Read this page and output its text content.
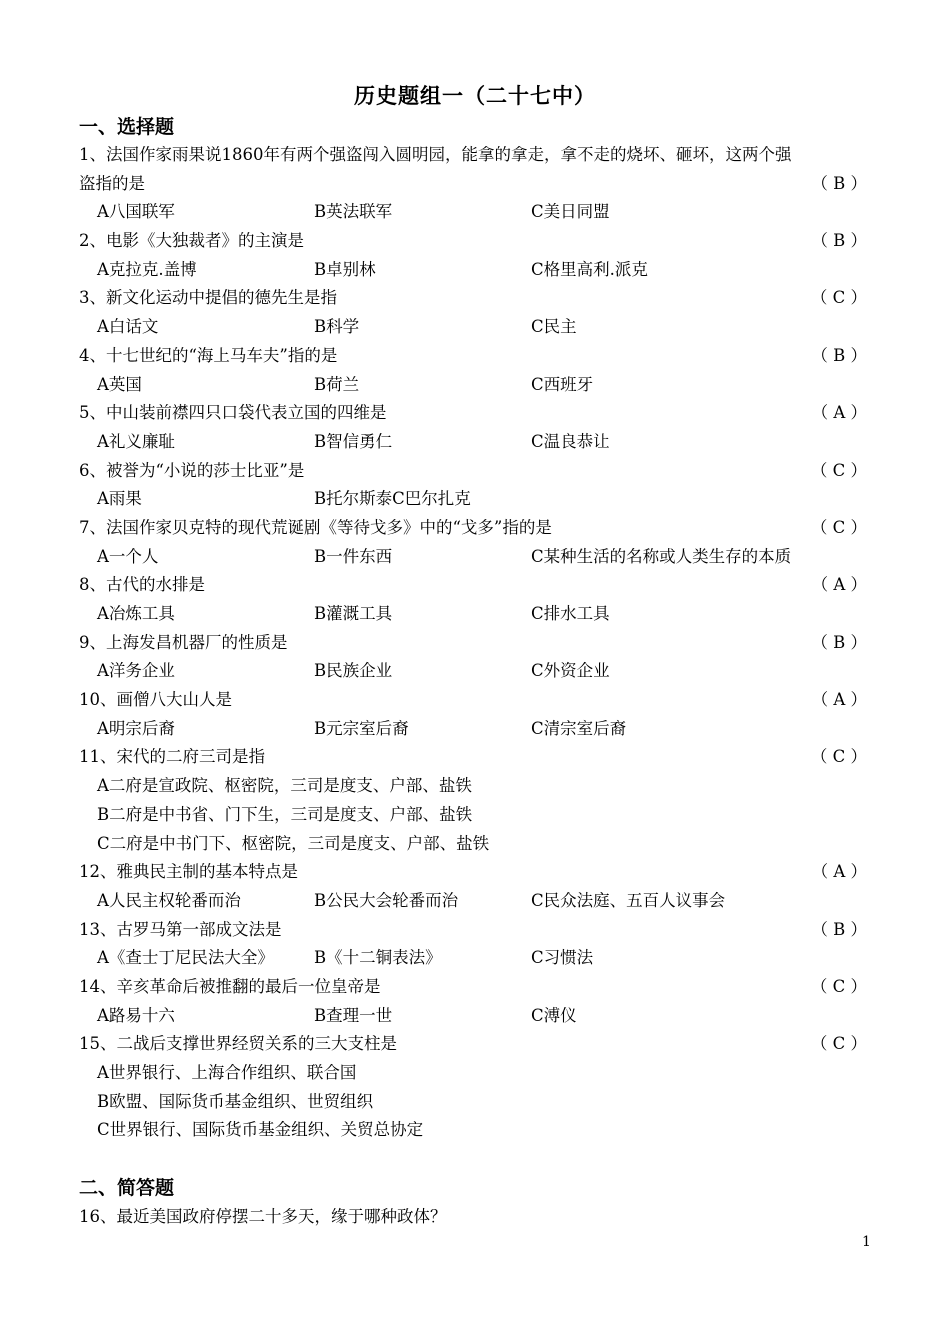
历史题组一（二十七中）
一、选择题
1、法国作家雨果说1860年有两个强盗闯入圆明园，能拿的拿走，拿不走的烧坏、砸坏，这两个强
盗指的是	（ B ）
A八国联军	B英法联军	C美日同盟
2、电影《大独裁者》的主演是	（ B ）
A克拉克.盖博	B卓别林	C格里高利.派克
3、新文化运动中提倡的德先生是指	（ C ）
A白话文	B科学	C民主
4、十七世纪的“海上马车夫”指的是	（ B ）
A英国	B荷兰	C西班牙
5、中山装前襟四只口袋代表立国的四维是	（ A ）
A礼义廉耻	B智信勇仁	C温良恭让
6、被誉为“小说的莎士比亚”是	（ C ）
A雨果	B托尔斯泰C巴尔扎克
7、法国作家贝克特的现代荒诞剧《等待戈多》中的“戈多”指的是	（ C ）
A一个人	B一件东西	C某种生活的名称或人类生存的本质
8、古代的水排是	（ A ）
A冶炼工具	B灌溉工具	C排水工具
9、上海发昌机器厂的性质是	（ B ）
A洋务企业	B民族企业	C外资企业
10、画僧八大山人是	（ A ）
A明宗后裔	B元宗室后裔	C清宗室后裔
11、宋代的二府三司是指	（ C ）
A二府是宣政院、枢密院，三司是度支、户部、盐铁
B二府是中书省、门下生，三司是度支、户部、盐铁
C二府是中书门下、枢密院，三司是度支、户部、盐铁
12、雅典民主制的基本特点是	（ A ）
A人民主权轮番而治	B公民大会轮番而治	C民众法庭、五百人议事会
13、古罗马第一部成文法是	（ B ）
A《查士丁尼民法大全》 B《十二铜表法》	C习惯法
14、辛亥革命后被推翻的最后一位皇帝是	（ C ）
A路易十六	B查理一世	C溥仪
15、二战后支撑世界经贸关系的三大支柱是	（ C ）
A世界银行、上海合作组织、联合国
B欧盟、国际货币基金组织、世贸组织
C世界银行、国际货币基金组织、关贸总协定
二、简答题
16、最近美国政府停摆二十多天，缘于哪种政体？
1
